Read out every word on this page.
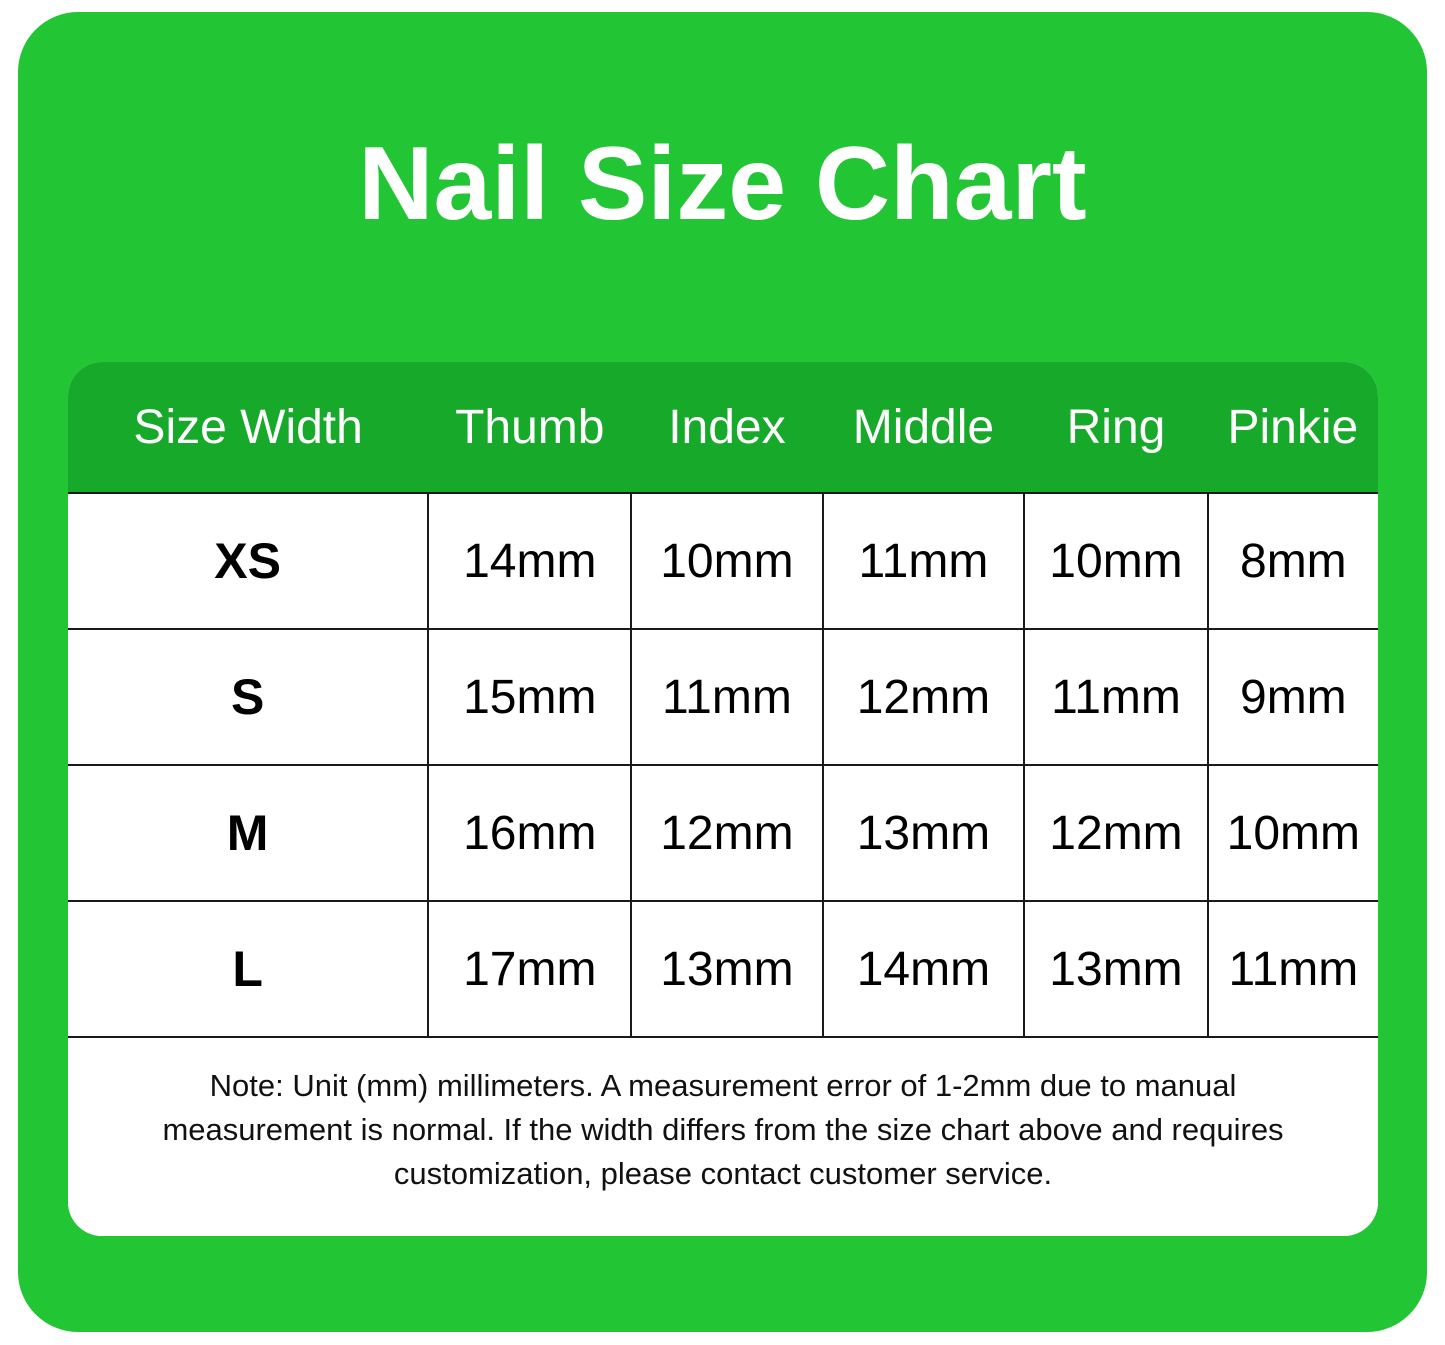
Nail Size Chart
Size Width	Thumb	Index	Middle	Ring	Pinkie
XS	14mm	10mm	11mm	10mm	8mm
S	15mm	11mm	12mm	11mm	9mm
M	16mm	12mm	13mm	12mm	10mm
L	17mm	13mm	14mm	13mm	11mm

Note: Unit (mm) millimeters. A measurement error of 1-2mm due to manual measurement is normal. If the width differs from the size chart above and requires customization, please contact customer service.					
